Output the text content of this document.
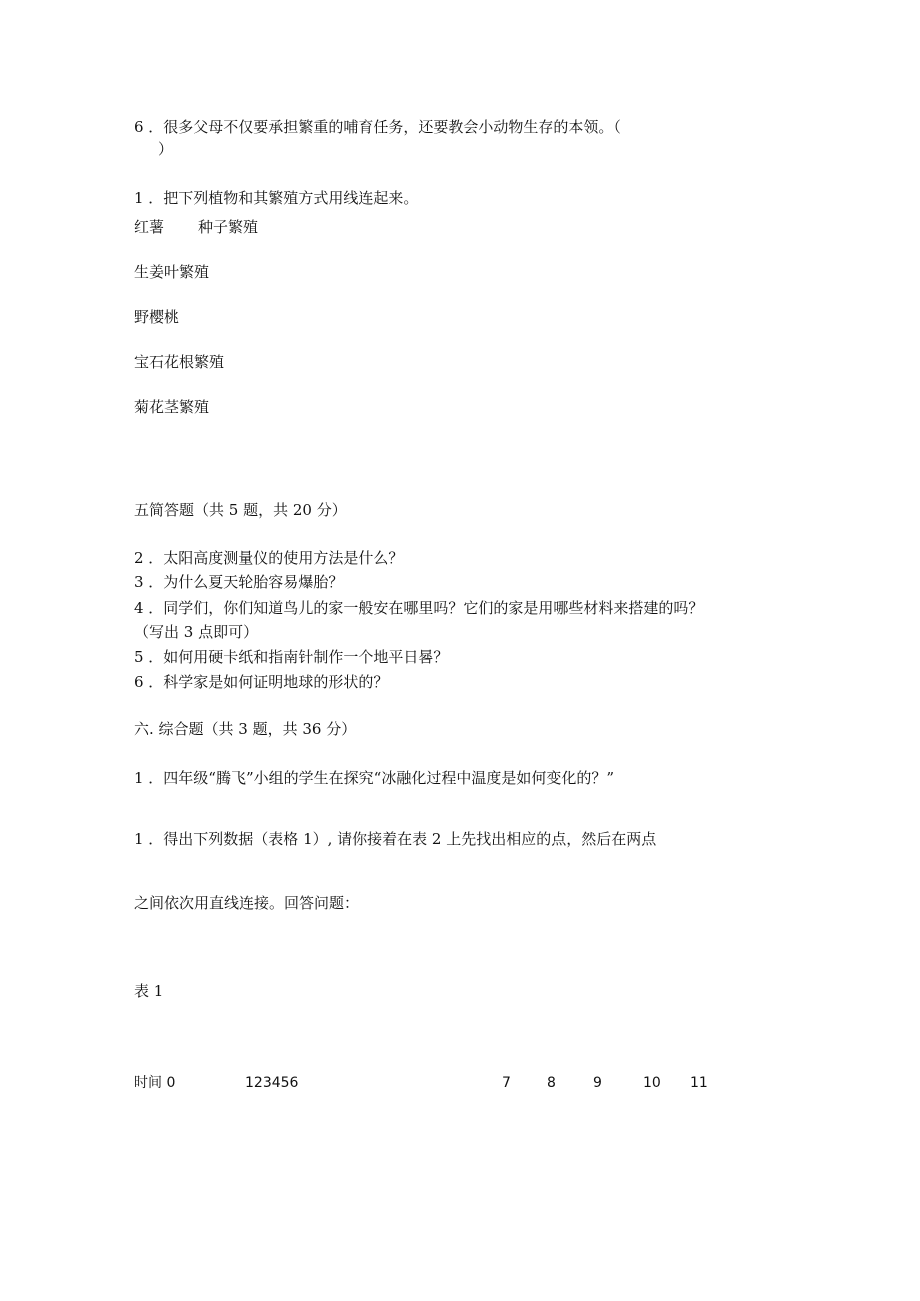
6 ．很多父母不仅要承担繁重的哺育任务，还要教会小动物生存的本领。（
）
1 ．把下列植物和其繁殖方式用线连起来。
红薯 种子繁殖
生姜叶繁殖
野樱桃
宝石花根繁殖
菊花茎繁殖
五简答题（共 5 题，共 20 分）
2 ．太阳高度测量仪的使用方法是什么？
3 ．为什么夏天轮胎容易爆胎？
4 ．同学们，你们知道鸟儿的家一般安在哪里吗？它们的家是用哪些材料来搭建的吗？
（写出 3 点即可）
5 ．如何用硬卡纸和指南针制作一个地平日晷？
6 ．科学家是如何证明地球的形状的？
六. 综合题（共 3 题，共 36 分）
1 ．四年级“腾飞”小组的学生在探究“冰融化过程中温度是如何变化的？”
1 ．得出下列数据（表格 1）, 请你接着在表 2 上先找出相应的点，然后在两点
之间依次用直线连接。回答问题：
表 1
时间 0	123456	7	8	9	10 11
